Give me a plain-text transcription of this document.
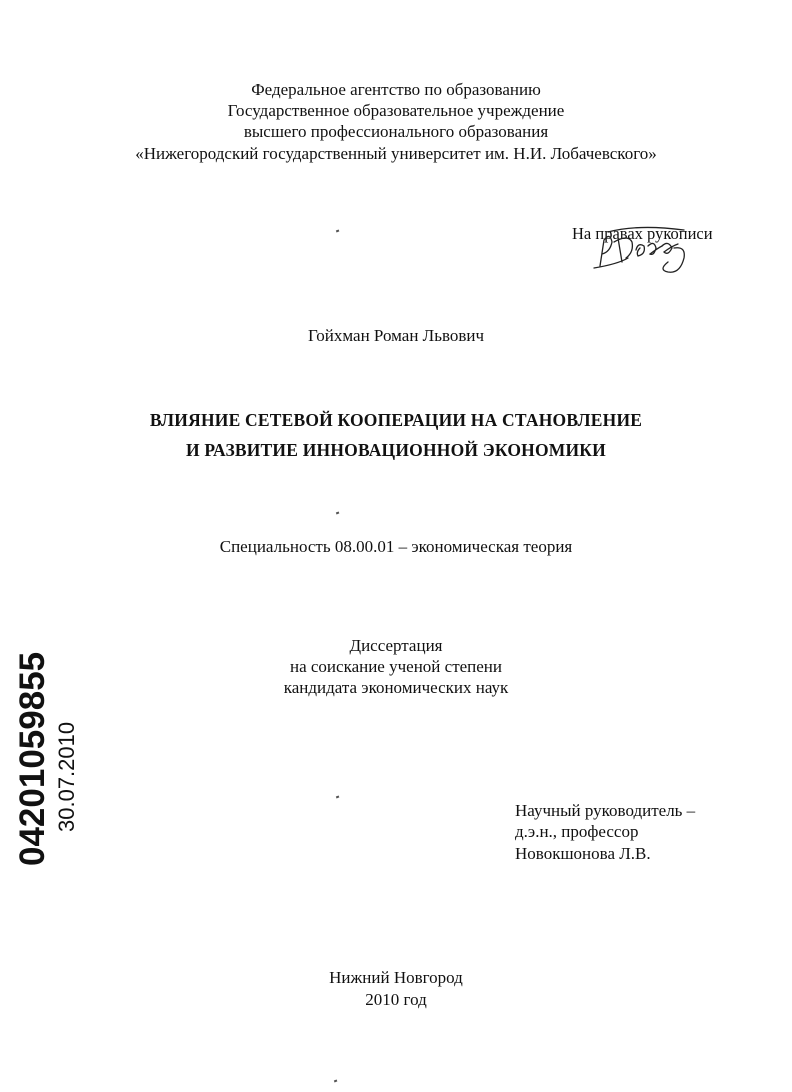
Федеральное агентство по образованию
Государственное образовательное учреждение
высшего профессионального образования
«Нижегородский государственный университет им. Н.И. Лобачевского»
На правах рукописи
Гойхман Роман Львович
ВЛИЯНИЕ СЕТЕВОЙ КООПЕРАЦИИ НА СТАНОВЛЕНИЕ
И РАЗВИТИЕ ИННОВАЦИОННОЙ ЭКОНОМИКИ
Специальность 08.00.01 – экономическая теория
Диссертация
на соискание ученой степени
кандидата экономических наук
Научный руководитель –
д.э.н., профессор
Новокшонова Л.В.
Нижний Новгород
2010 год
04201059855 30.07.2010
